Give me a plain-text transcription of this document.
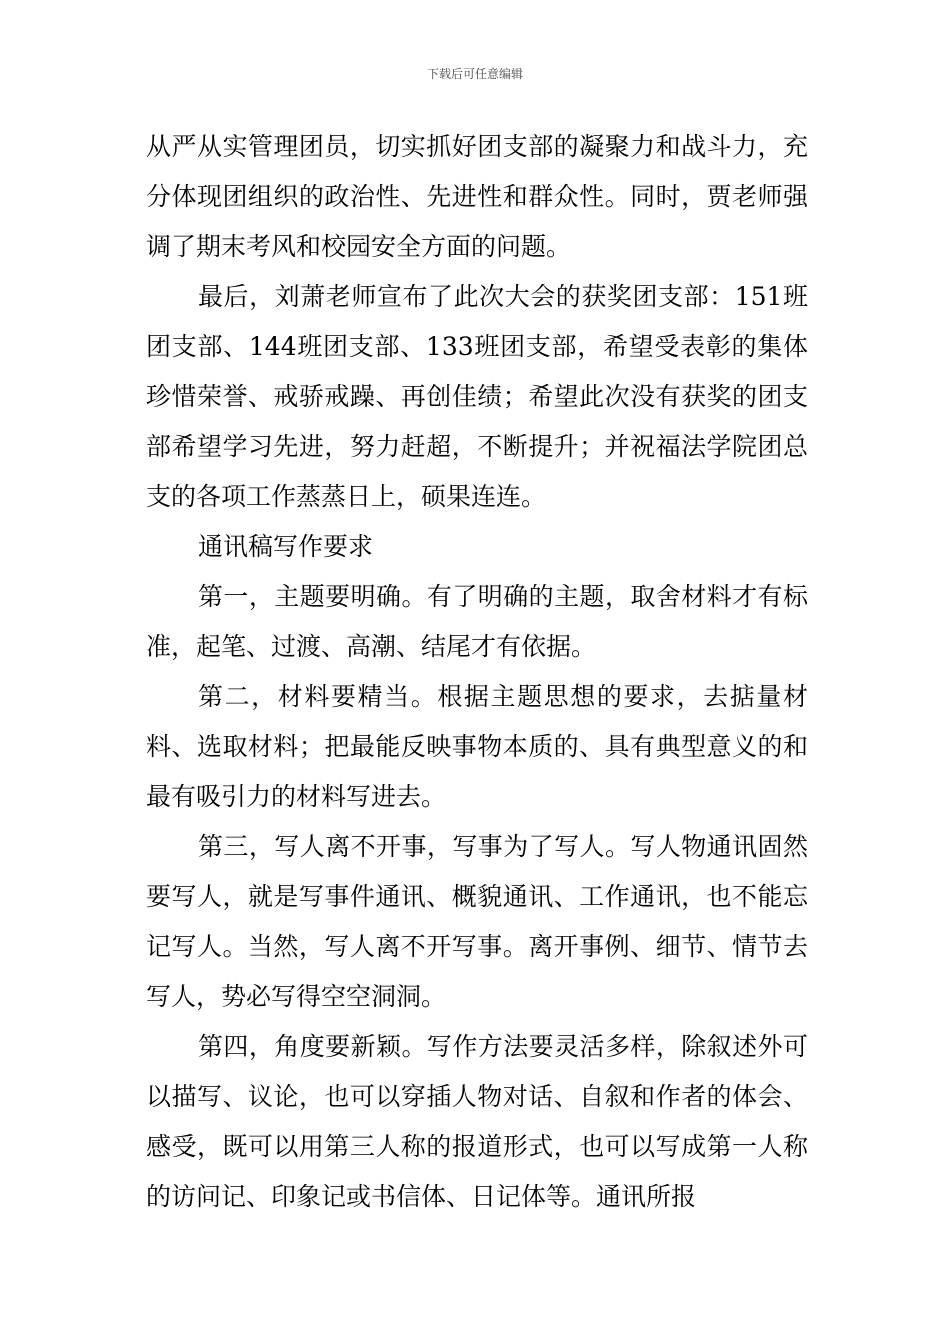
下载后可任意编辑

从严从实管理团员，切实抓好团支部的凝聚力和战斗力，充分体现团组织的政治性、先进性和群众性。同时，贾老师强调了期末考风和校园安全方面的问题。

最后，刘萧老师宣布了此次大会的获奖团支部：151班团支部、144班团支部、133班团支部，希望受表彰的集体珍惜荣誉、戒骄戒躁、再创佳绩；希望此次没有获奖的团支部希望学习先进，努力赶超，不断提升；并祝福法学院团总支的各项工作蒸蒸日上，硕果连连。

通讯稿写作要求

第一，主题要明确。有了明确的主题，取舍材料才有标准，起笔、过渡、高潮、结尾才有依据。

第二，材料要精当。根据主题思想的要求，去掂量材料、选取材料；把最能反映事物本质的、具有典型意义的和最有吸引力的材料写进去。

第三，写人离不开事，写事为了写人。写人物通讯固然要写人，就是写事件通讯、概貌通讯、工作通讯，也不能忘记写人。当然，写人离不开写事。离开事例、细节、情节去写人，势必写得空空洞洞。

第四，角度要新颖。写作方法要灵活多样，除叙述外可以描写、议论，也可以穿插人物对话、自叙和作者的体会、感受，既可以用第三人称的报道形式，也可以写成第一人称的访问记、印象记或书信体、日记体等。通讯所报
